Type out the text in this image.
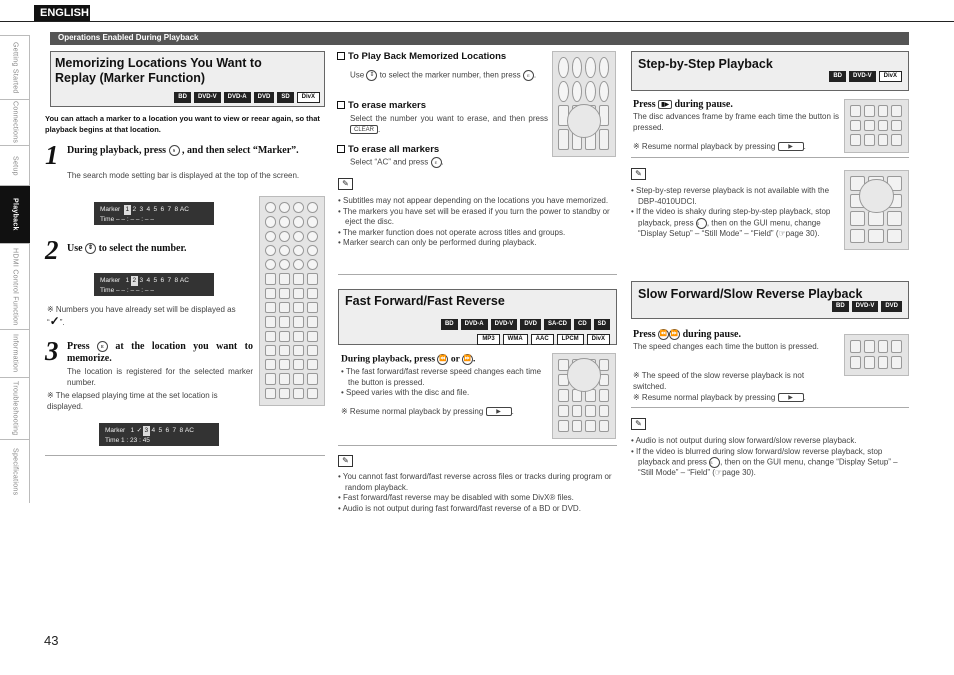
ENGLISH
Getting Started
Connections
Setup
Playback
HDMI Control Function
Information
Troubleshooting
Specifications
43
Operations Enabled During Playback
Memorizing Locations You Want to Replay (Marker Function)
BD	DVD-V	DVD-A	DVD	SD	DivX
You can attach a marker to a location you want to view or reear again, so that playback begins at that location.
1 During playback, press S , and then select “Marker”.
The search mode setting bar is displayed at the top of the screen.
Marker 1 2 3 4 5 6 7 8 AC
Time – – : – – : – –
2 Use ⇕ to select the number.
Marker 1 2 3 4 5 6 7 8 AC
Time – – : – – : – –
※ Numbers you have already set will be displayed as “✓”.
3 Press	E at the location you want to memorize.
The location is registered for the selected marker number.
※ The elapsed playing time at the set location is displayed.
Marker 1 ✓ 3 4 5 6 7 8 AC
Time 1 : 23 : 45
To Play Back Memorized Locations
Use ⇕ to select the marker number, then press E .
To erase markers
Select the number you want to erase, and then press CLEAR .
To erase all markers
Select “AC” and press E .
✎
• Subtitles may not appear depending on the locations you have memorized.
• The markers you have set will be erased if you turn the power to standby or eject the disc.
• The marker function does not operate across titles and groups.
• Marker search can only be performed during playback.
Fast Forward/Fast Reverse
BD	DVD-A	DVD-V	DVD	SA-CD	CD	SD
MP3	WMA	AAC	LPCM	DivX
During playback, press ⏪ or ⏩ .
• The fast forward/fast reverse speed changes each time the button is pressed.
• Speed varies with the disc and file.
※ Resume normal playback by pressing ▶ .
✎
• You cannot fast forward/fast reverse across files or tracks during program or random playback.
• Fast forward/fast reverse may be disabled with some DivX® files.
• Audio is not output during fast forward/fast reverse of a BD or DVD.
Step-by-Step Playback
BD	DVD-V	DivX
Press ▮▶ during pause.
The disc advances frame by frame each time the button is pressed.
※ Resume normal playback by pressing ▶ .
✎
• Step-by-step reverse playback is not available with the DBP-4010UDCI.
• If the video is shaky during step-by-step playback, stop playback, press S , then on the GUI menu, change “Display Setup” – “Still Mode” – “Field” (☞page 30).
Slow Forward/Slow Reverse Playback
BD	DVD-V	DVD
Press ⏪ ⏩ during pause.
The speed changes each time the button is pressed.
※ The speed of the slow reverse playback is not switched.
※ Resume normal playback by pressing ▶ .
✎
• Audio is not output during slow forward/slow reverse playback.
• If the video is blurred during slow forward/slow reverse playback, stop playback and press S , then on the GUI menu, change “Display Setup” – “Still Mode” – “Field” (☞page 30).
